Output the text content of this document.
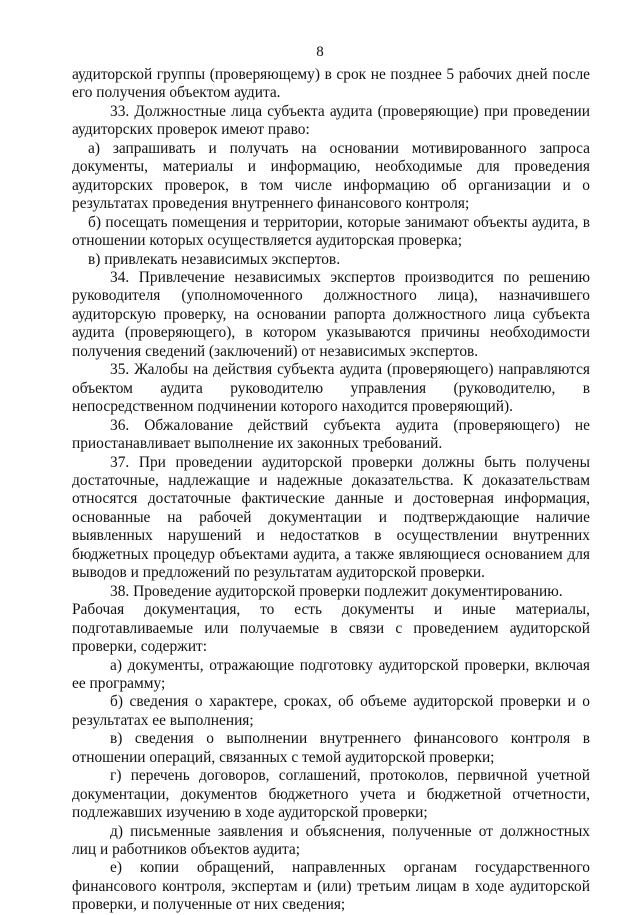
8

аудиторской группы (проверяющему) в срок не позднее 5 рабочих дней после его получения объектом аудита.

33. Должностные лица субъекта аудита (проверяющие) при проведении аудиторских проверок имеют право:

а) запрашивать и получать на основании мотивированного запроса документы, материалы и информацию, необходимые для проведения аудиторских проверок, в том числе информацию об организации и о результатах проведения внутреннего финансового контроля;

б) посещать помещения и территории, которые занимают объекты аудита, в отношении которых осуществляется аудиторская проверка;

в) привлекать независимых экспертов.

34. Привлечение независимых экспертов производится по решению руководителя (уполномоченного должностного лица), назначившего аудиторскую проверку, на основании рапорта должностного лица субъекта аудита (проверяющего), в котором указываются причины необходимости получения сведений (заключений) от независимых экспертов.

35. Жалобы на действия субъекта аудита (проверяющего) направляются объектом аудита руководителю управления (руководителю, в непосредственном подчинении которого находится проверяющий).

36. Обжалование действий субъекта аудита (проверяющего) не приостанавливает выполнение их законных требований.

37. При проведении аудиторской проверки должны быть получены достаточные, надлежащие и надежные доказательства. К доказательствам относятся достаточные фактические данные и достоверная информация, основанные на рабочей документации и подтверждающие наличие выявленных нарушений и недостатков в осуществлении внутренних бюджетных процедур объектами аудита, а также являющиеся основанием для выводов и предложений по результатам аудиторской проверки.

38. Проведение аудиторской проверки подлежит документированию.

Рабочая документация, то есть документы и иные материалы, подготавливаемые или получаемые в связи с проведением аудиторской проверки, содержит:

а) документы, отражающие подготовку аудиторской проверки, включая ее программу;

б) сведения о характере, сроках, об объеме аудиторской проверки и о результатах ее выполнения;

в) сведения о выполнении внутреннего финансового контроля в отношении операций, связанных с темой аудиторской проверки;

г) перечень договоров, соглашений, протоколов, первичной учетной документации, документов бюджетного учета и бюджетной отчетности, подлежавших изучению в ходе аудиторской проверки;

д) письменные заявления и объяснения, полученные от должностных лиц и работников объектов аудита;

е) копии обращений, направленных органам государственного финансового контроля, экспертам и (или) третьим лицам в ходе аудиторской проверки, и полученные от них сведения;
